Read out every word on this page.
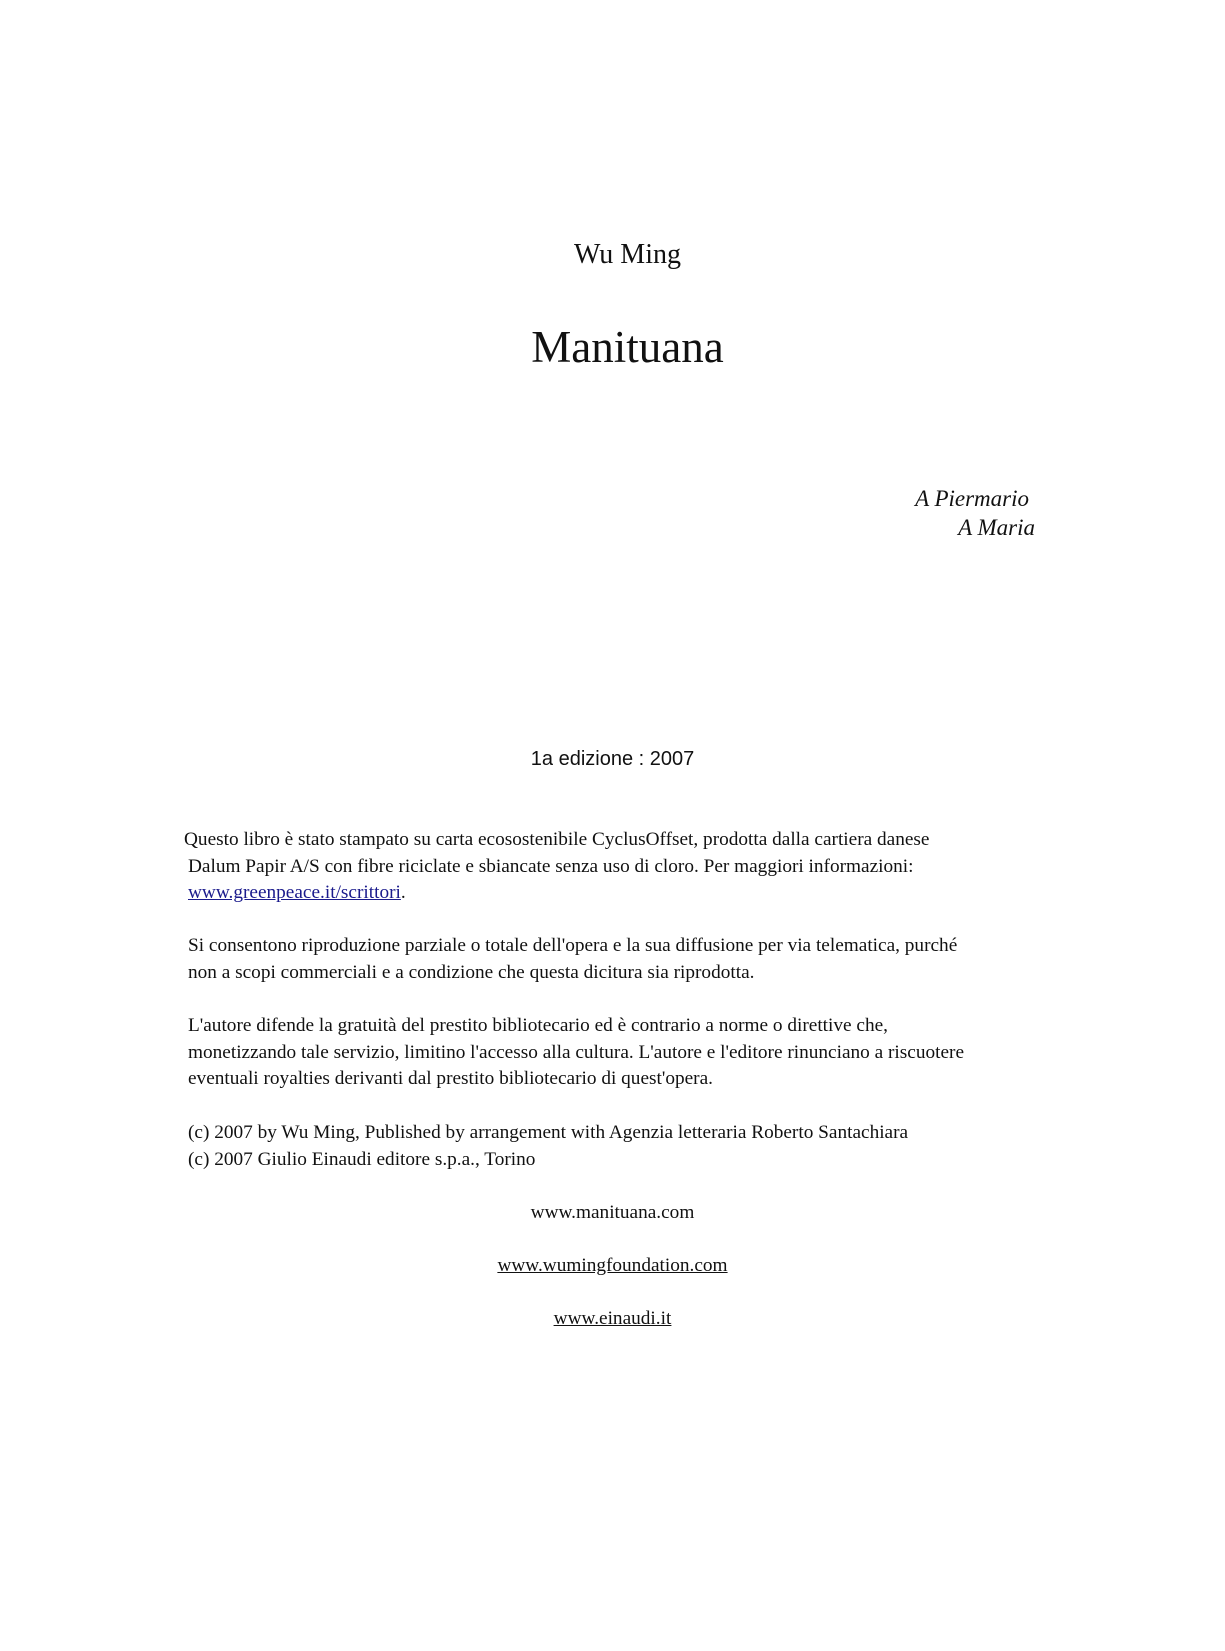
Wu Ming
Manituana
A Piermario
A Maria
1a edizione : 2007
Questo libro è stato stampato su carta ecosostenibile CyclusOffset, prodotta dalla cartiera danese
Dalum Papir A/S con fibre riciclate e sbiancate senza uso di cloro. Per maggiori informazioni:
www.greenpeace.it/scrittori.
Si consentono riproduzione parziale o totale dell'opera e la sua diffusione per via telematica, purché
non a scopi commerciali e a condizione che questa dicitura sia riprodotta.
L'autore difende la gratuità del prestito bibliotecario ed è contrario a norme o direttive che,
monetizzando tale servizio, limitino l'accesso alla cultura. L'autore e l'editore rinunciano a riscuotere
eventuali royalties derivanti dal prestito bibliotecario di quest'opera.
(c) 2007 by Wu Ming, Published by arrangement with Agenzia letteraria Roberto Santachiara
(c) 2007 Giulio Einaudi editore s.p.a., Torino
www.manituana.com
www.wumingfoundation.com
www.einaudi.it
